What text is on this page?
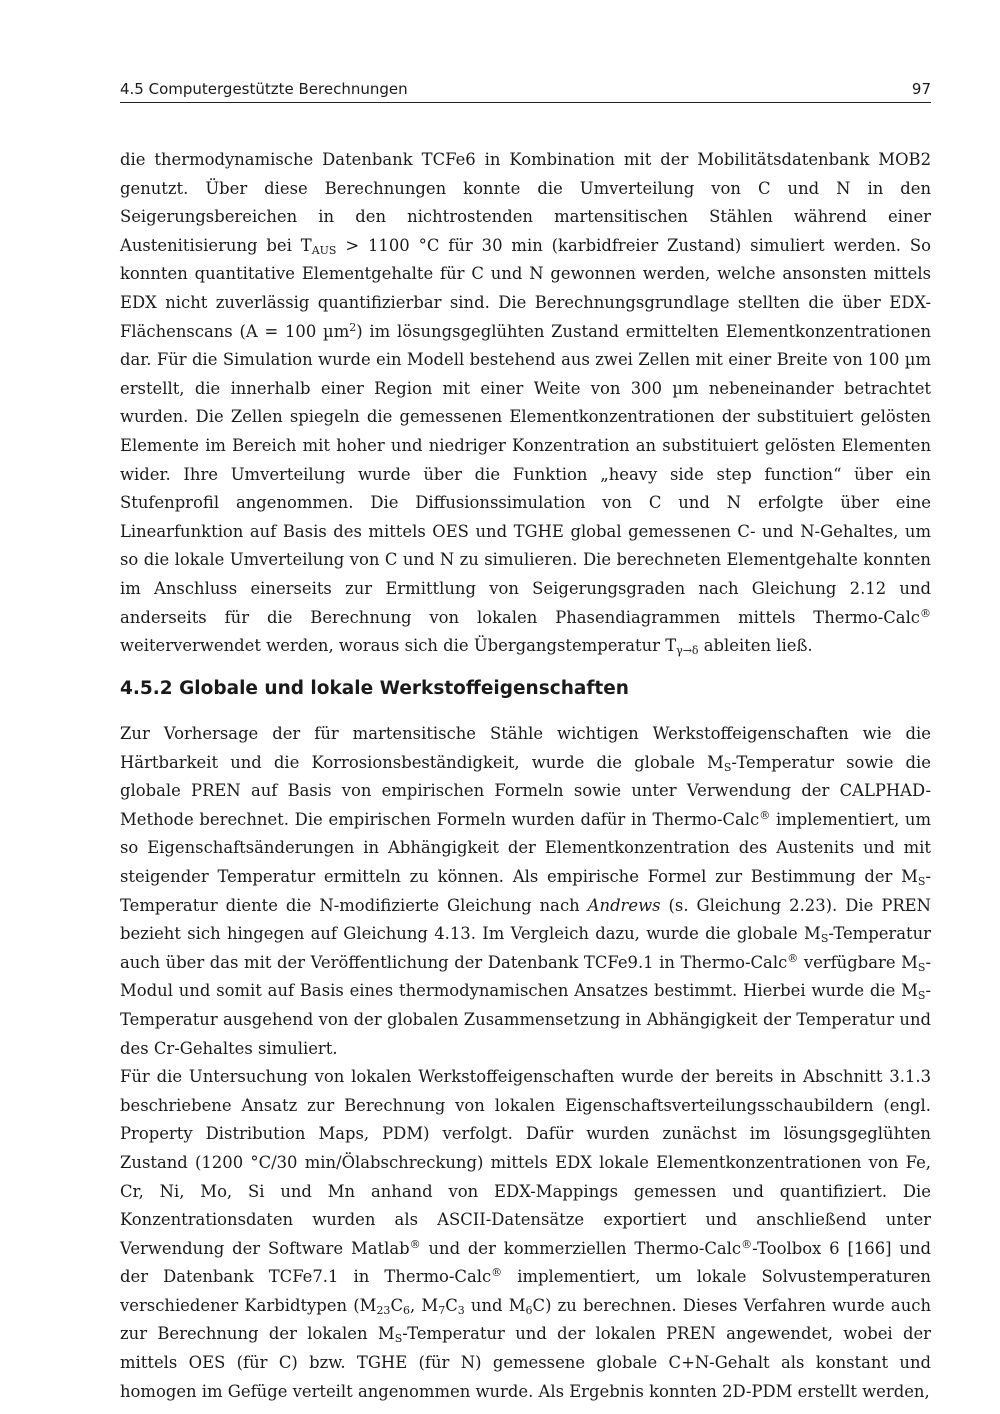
4.5 Computergestützte Berechnungen	97

die thermodynamische Datenbank TCFe6 in Kombination mit der Mobilitätsdatenbank MOB2 genutzt. Über diese Berechnungen konnte die Umverteilung von C und N in den Seigerungsbereichen in den nichtrostenden martensitischen Stählen während einer Austenitisierung bei $T_{AUS} > 1100$ °C für 30 min (karbidfreier Zustand) simuliert werden. So konnten quantitative Elementgehalte für C und N gewonnen werden, welche ansonsten mittels EDX nicht zuverlässig quantifizierbar sind. Die Berechnungsgrundlage stellten die über EDX-Flächenscans (A = 100 µm$^2$) im lösungsgeglühten Zustand ermittelten Elementkonzentrationen dar. Für die Simulation wurde ein Modell bestehend aus zwei Zellen mit einer Breite von 100 µm erstellt, die innerhalb einer Region mit einer Weite von 300 µm nebeneinander betrachtet wurden. Die Zellen spiegeln die gemessenen Elementkonzentrationen der substituiert gelösten Elemente im Bereich mit hoher und niedriger Konzentration an substituiert gelösten Elementen wider. Ihre Umverteilung wurde über die Funktion „heavy side step function“ über ein Stufenprofil angenommen. Die Diffusionssimulation von C und N erfolgte über eine Linearfunktion auf Basis des mittels OES und TGHE global gemessenen C- und N-Gehaltes, um so die lokale Umverteilung von C und N zu simulieren. Die berechneten Elementgehalte konnten im Anschluss einerseits zur Ermittlung von Seigerungsgraden nach Gleichung 2.12 und anderseits für die Berechnung von lokalen Phasendiagrammen mittels Thermo-Calc® weiterverwendet werden, woraus sich die Übergangstemperatur $T_{\gamma\to\delta}$ ableiten ließ.

4.5.2 Globale und lokale Werkstoffeigenschaften

Zur Vorhersage der für martensitische Stähle wichtigen Werkstoffeigenschaften wie die Härtbarkeit und die Korrosionsbeständigkeit, wurde die globale $M_S$-Temperatur sowie die globale PREN auf Basis von empirischen Formeln sowie unter Verwendung der CALPHAD-Methode berechnet. Die empirischen Formeln wurden dafür in Thermo-Calc® implementiert, um so Eigenschaftsänderungen in Abhängigkeit der Elementkonzentration des Austenits und mit steigender Temperatur ermitteln zu können. Als empirische Formel zur Bestimmung der $M_S$-Temperatur diente die N-modifizierte Gleichung nach Andrews (s. Gleichung 2.23). Die PREN bezieht sich hingegen auf Gleichung 4.13. Im Vergleich dazu, wurde die globale $M_S$-Temperatur auch über das mit der Veröffentlichung der Datenbank TCFe9.1 in Thermo-Calc® verfügbare $M_S$-Modul und somit auf Basis eines thermodynamischen Ansatzes bestimmt. Hierbei wurde die $M_S$-Temperatur ausgehend von der globalen Zusammensetzung in Abhängigkeit der Temperatur und des Cr-Gehaltes simuliert.

Für die Untersuchung von lokalen Werkstoffeigenschaften wurde der bereits in Abschnitt 3.1.3 beschriebene Ansatz zur Berechnung von lokalen Eigenschaftsverteilungsschaubildern (engl. Property Distribution Maps, PDM) verfolgt. Dafür wurden zunächst im lösungsgeglühten Zustand (1200 °C/30 min/Ölabschreckung) mittels EDX lokale Elementkonzentrationen von Fe, Cr, Ni, Mo, Si und Mn anhand von EDX-Mappings gemessen und quantifiziert. Die Konzentrationsdaten wurden als ASCII-Datensätze exportiert und anschließend unter Verwendung der Software Matlab® und der kommerziellen Thermo-Calc®-Toolbox 6 [166] und der Datenbank TCFe7.1 in Thermo-Calc® implementiert, um lokale Solvustemperaturen verschiedener Karbidtypen ($M_{23}C_6$, $M_7C_3$ und $M_6C$) zu berechnen. Dieses Verfahren wurde auch zur Berechnung der lokalen $M_S$-Temperatur und der lokalen PREN angewendet, wobei der mittels OES (für C) bzw. TGHE (für N) gemessene globale C+N-Gehalt als konstant und homogen im Gefüge verteilt angenommen wurde. Als Ergebnis konnten 2D-PDM erstellt werden,
